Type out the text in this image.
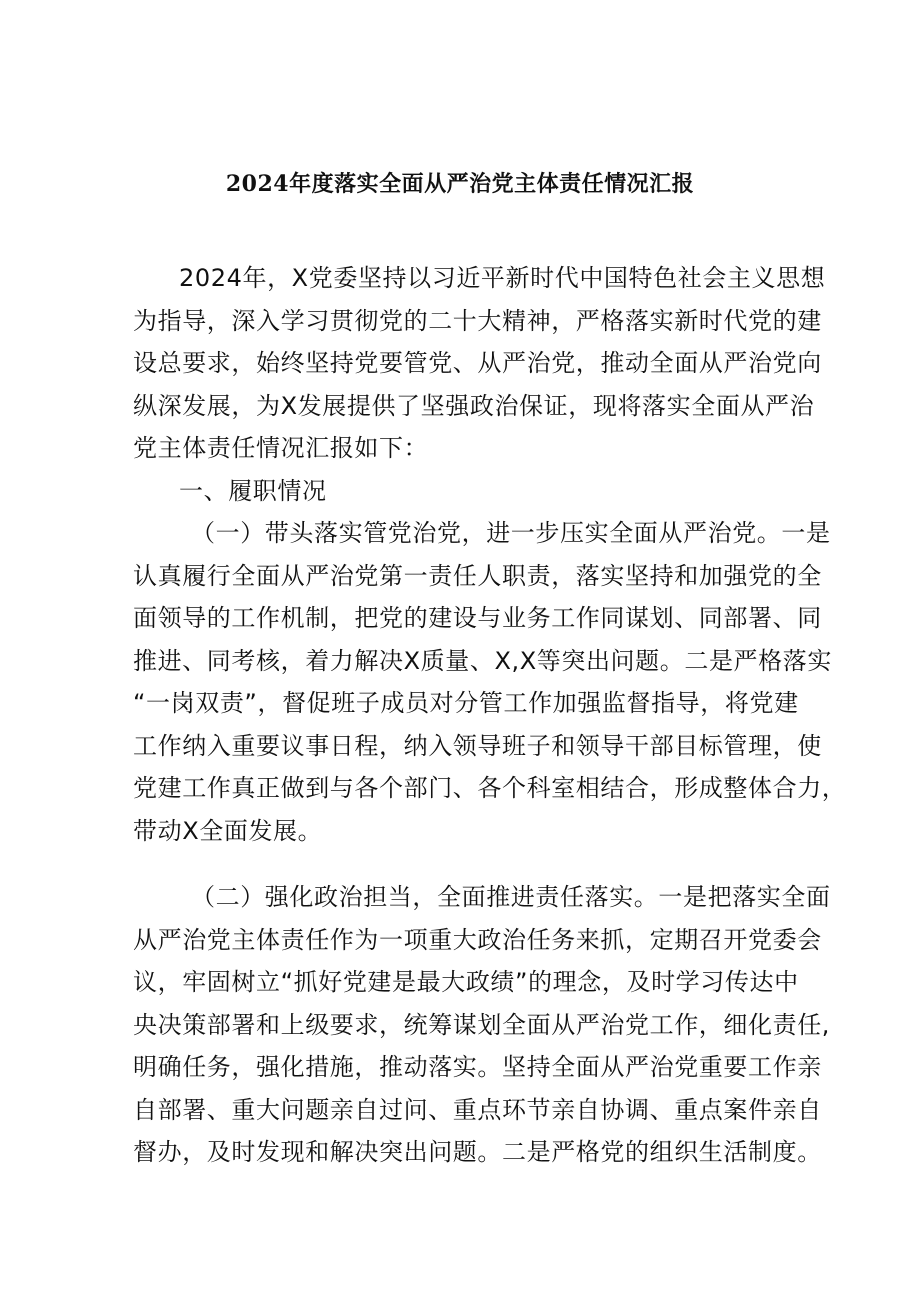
2024年度落实全面从严治党主体责任情况汇报
2024年，X党委坚持以习近平新时代中国特色社会主义思想
为指导，深入学习贯彻党的二十大精神，严格落实新时代党的建
设总要求，始终坚持党要管党、从严治党，推动全面从严治党向
纵深发展，为X发展提供了坚强政治保证，现将落实全面从严治
党主体责任情况汇报如下：
一、履职情况
（一）带头落实管党治党，进一步压实全面从严治党。一是
认真履行全面从严治党第一责任人职责，落实坚持和加强党的全
面领导的工作机制，把党的建设与业务工作同谋划、同部署、同
推进、同考核，着力解决X质量、X,X等突出问题。二是严格落实
“一岗双责”，督促班子成员对分管工作加强监督指导，将党建
工作纳入重要议事日程，纳入领导班子和领导干部目标管理，使
党建工作真正做到与各个部门、各个科室相结合，形成整体合力，
带动X全面发展。
（二）强化政治担当，全面推进责任落实。一是把落实全面
从严治党主体责任作为一项重大政治任务来抓，定期召开党委会
议，牢固树立“抓好党建是最大政绩”的理念，及时学习传达中
央决策部署和上级要求，统筹谋划全面从严治党工作，细化责任,
明确任务，强化措施，推动落实。坚持全面从严治党重要工作亲
自部署、重大问题亲自过问、重点环节亲自协调、重点案件亲自
督办，及时发现和解决突出问题。二是严格党的组织生活制度。
